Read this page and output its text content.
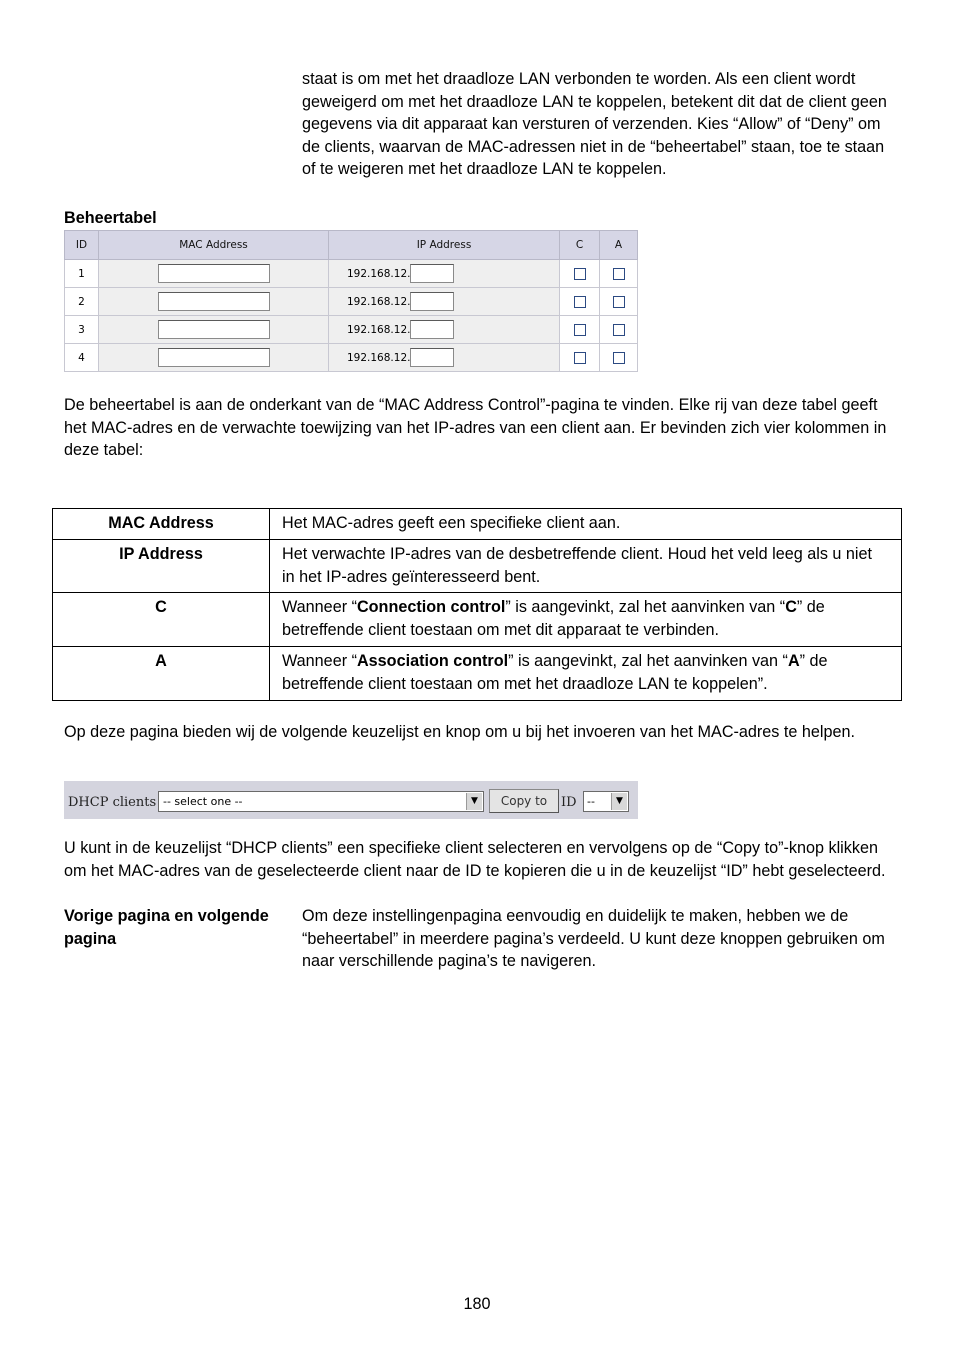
staat is om met het draadloze LAN verbonden te worden. Als een client wordt geweigerd om met het draadloze LAN te koppelen, betekent dit dat de client geen gegevens via dit apparaat kan versturen of verzenden. Kies “Allow” of “Deny” om de clients, waarvan de MAC-adressen niet in de “beheertabel” staan, toe te staan of te weigeren met het draadloze LAN te koppelen.

Beheertabel
ID	MAC Address	IP Address	C	A
1		192.168.12.		
2		192.168.12.		
3		192.168.12.		
4		192.168.12.		

De beheertabel is aan de onderkant van de “MAC Address Control”-pagina te vinden. Elke rij van deze tabel geeft het MAC-adres en de verwachte toewijzing van het IP-adres van een client aan. Er bevinden zich vier kolommen in deze tabel:

MAC Address	Het MAC-adres geeft een specifieke client aan.
IP Address	Het verwachte IP-adres van de desbetreffende client. Houd het veld leeg als u niet in het IP-adres geïnteresseerd bent.
C	Wanneer “Connection control” is aangevinkt, zal het aanvinken van “C” de betreffende client toestaan om met dit apparaat te verbinden.
A	Wanneer “Association control” is aangevinkt, zal het aanvinken van “A” de betreffende client toestaan om met het draadloze LAN te koppelen”.

Op deze pagina bieden wij de volgende keuzelijst en knop om u bij het invoeren van het MAC-adres te helpen.

DHCP clients -- select one --	▼	Copy to	ID --	▼

U kunt in de keuzelijst “DHCP clients” een specifieke client selecteren en vervolgens op de “Copy to”-knop klikken om het MAC-adres van de geselecteerde client naar de ID te kopieren die u in de keuzelijst “ID” hebt geselecteerd.

Vorige pagina en volgende pagina

Om deze instellingenpagina eenvoudig en duidelijk te maken, hebben we de “beheertabel” in meerdere pagina’s verdeeld. U kunt deze knoppen gebruiken om naar verschillende pagina’s te navigeren.

180
